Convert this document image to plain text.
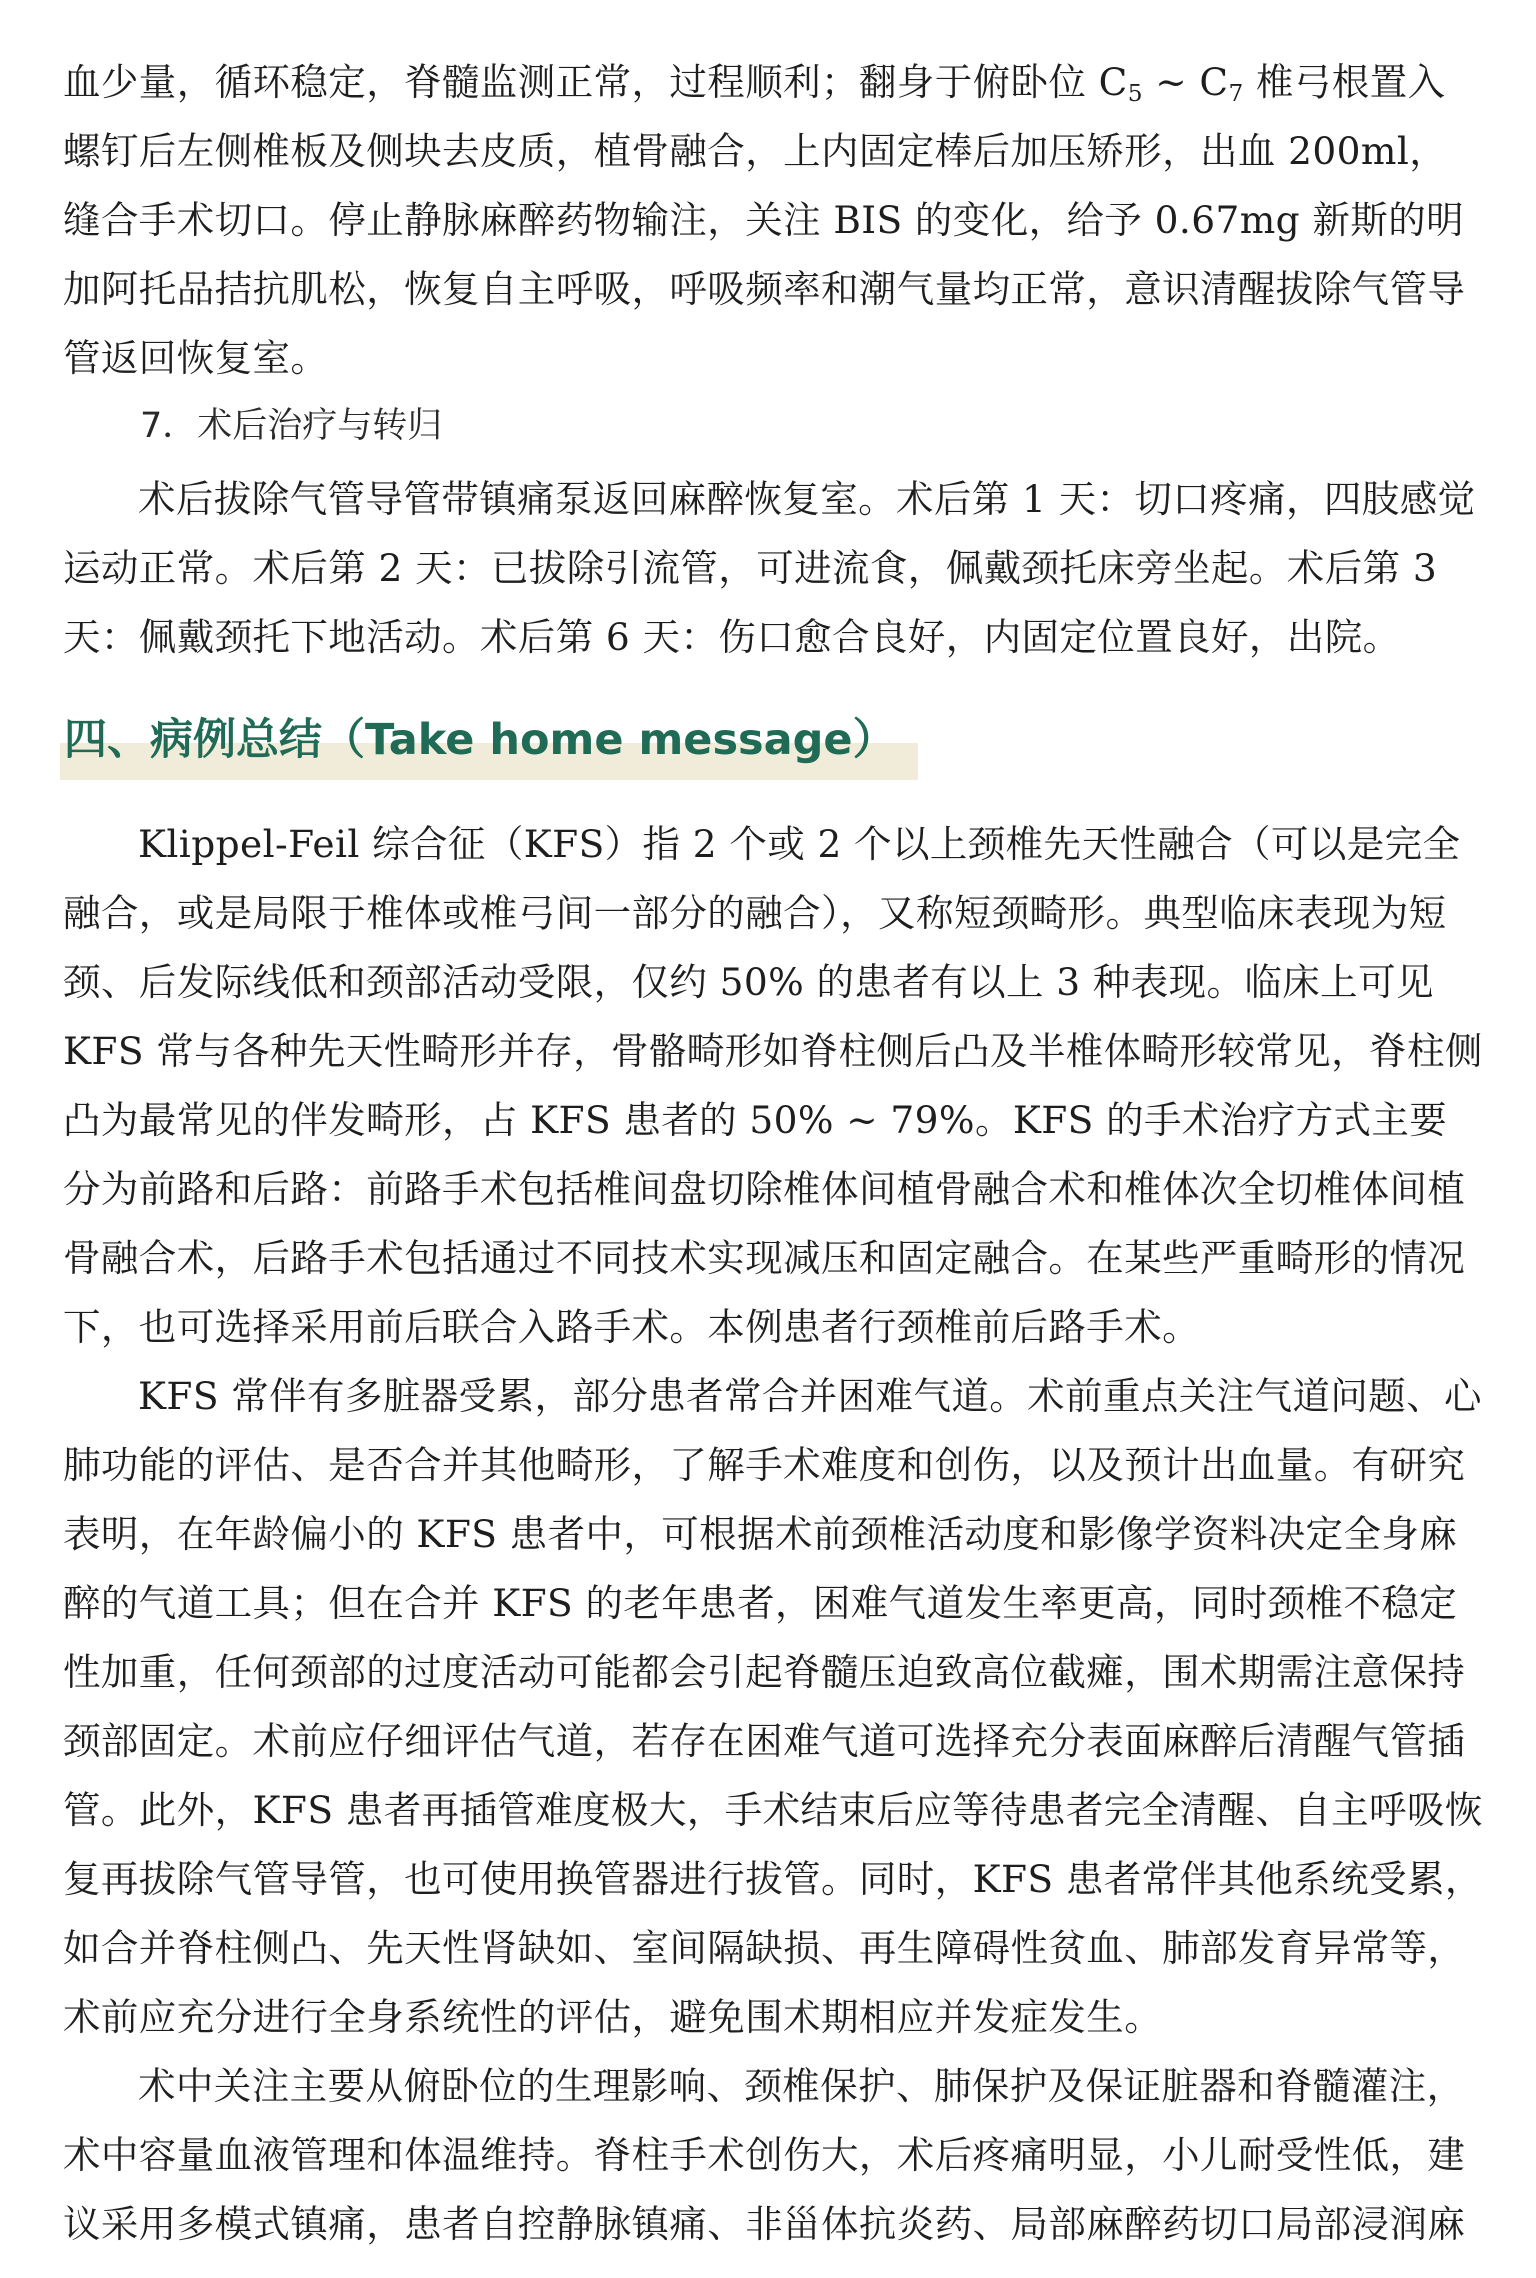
血少量，循环稳定，脊髓监测正常，过程顺利；翻身于俯卧位 $C_5$ ~ $C_7$ 椎弓根置入螺钉后左侧椎板及侧块去皮质，植骨融合，上内固定棒后加压矫形，出血 200ml，缝合手术切口。停止静脉麻醉药物输注，关注 BIS 的变化，给予 0.67mg 新斯的明加阿托品拮抗肌松，恢复自主呼吸，呼吸频率和潮气量均正常，意识清醒拔除气管导管返回恢复室。

7．术后治疗与转归

术后拔除气管导管带镇痛泵返回麻醉恢复室。术后第 1 天：切口疼痛，四肢感觉运动正常。术后第 2 天：已拔除引流管，可进流食，佩戴颈托床旁坐起。术后第 3 天：佩戴颈托下地活动。术后第 6 天：伤口愈合良好，内固定位置良好，出院。

四、病例总结（Take home message）

Klippel-Feil 综合征（KFS）指 2 个或 2 个以上颈椎先天性融合（可以是完全融合，或是局限于椎体或椎弓间一部分的融合），又称短颈畸形。典型临床表现为短颈、后发际线低和颈部活动受限，仅约 50% 的患者有以上 3 种表现。临床上可见 KFS 常与各种先天性畸形并存，骨骼畸形如脊柱侧后凸及半椎体畸形较常见，脊柱侧凸为最常见的伴发畸形，占 KFS 患者的 50% ~ 79%。KFS 的手术治疗方式主要分为前路和后路：前路手术包括椎间盘切除椎体间植骨融合术和椎体次全切椎体间植骨融合术，后路手术包括通过不同技术实现减压和固定融合。在某些严重畸形的情况下，也可选择采用前后联合入路手术。本例患者行颈椎前后路手术。

KFS 常伴有多脏器受累，部分患者常合并困难气道。术前重点关注气道问题、心肺功能的评估、是否合并其他畸形，了解手术难度和创伤，以及预计出血量。有研究表明，在年龄偏小的 KFS 患者中，可根据术前颈椎活动度和影像学资料决定全身麻醉的气道工具；但在合并 KFS 的老年患者，困难气道发生率更高，同时颈椎不稳定性加重，任何颈部的过度活动可能都会引起脊髓压迫致高位截瘫，围术期需注意保持颈部固定。术前应仔细评估气道，若存在困难气道可选择充分表面麻醉后清醒气管插管。此外，KFS 患者再插管难度极大，手术结束后应等待患者完全清醒、自主呼吸恢复再拔除气管导管，也可使用换管器进行拔管。同时，KFS 患者常伴其他系统受累，如合并脊柱侧凸、先天性肾缺如、室间隔缺损、再生障碍性贫血、肺部发育异常等，术前应充分进行全身系统性的评估，避免围术期相应并发症发生。

术中关注主要从俯卧位的生理影响、颈椎保护、肺保护及保证脏器和脊髓灌注，术中容量血液管理和体温维持。脊柱手术创伤大，术后疼痛明显，小儿耐受性低，建议采用多模式镇痛，患者自控静脉镇痛、非甾体抗炎药、局部麻醉药切口局部浸润麻
